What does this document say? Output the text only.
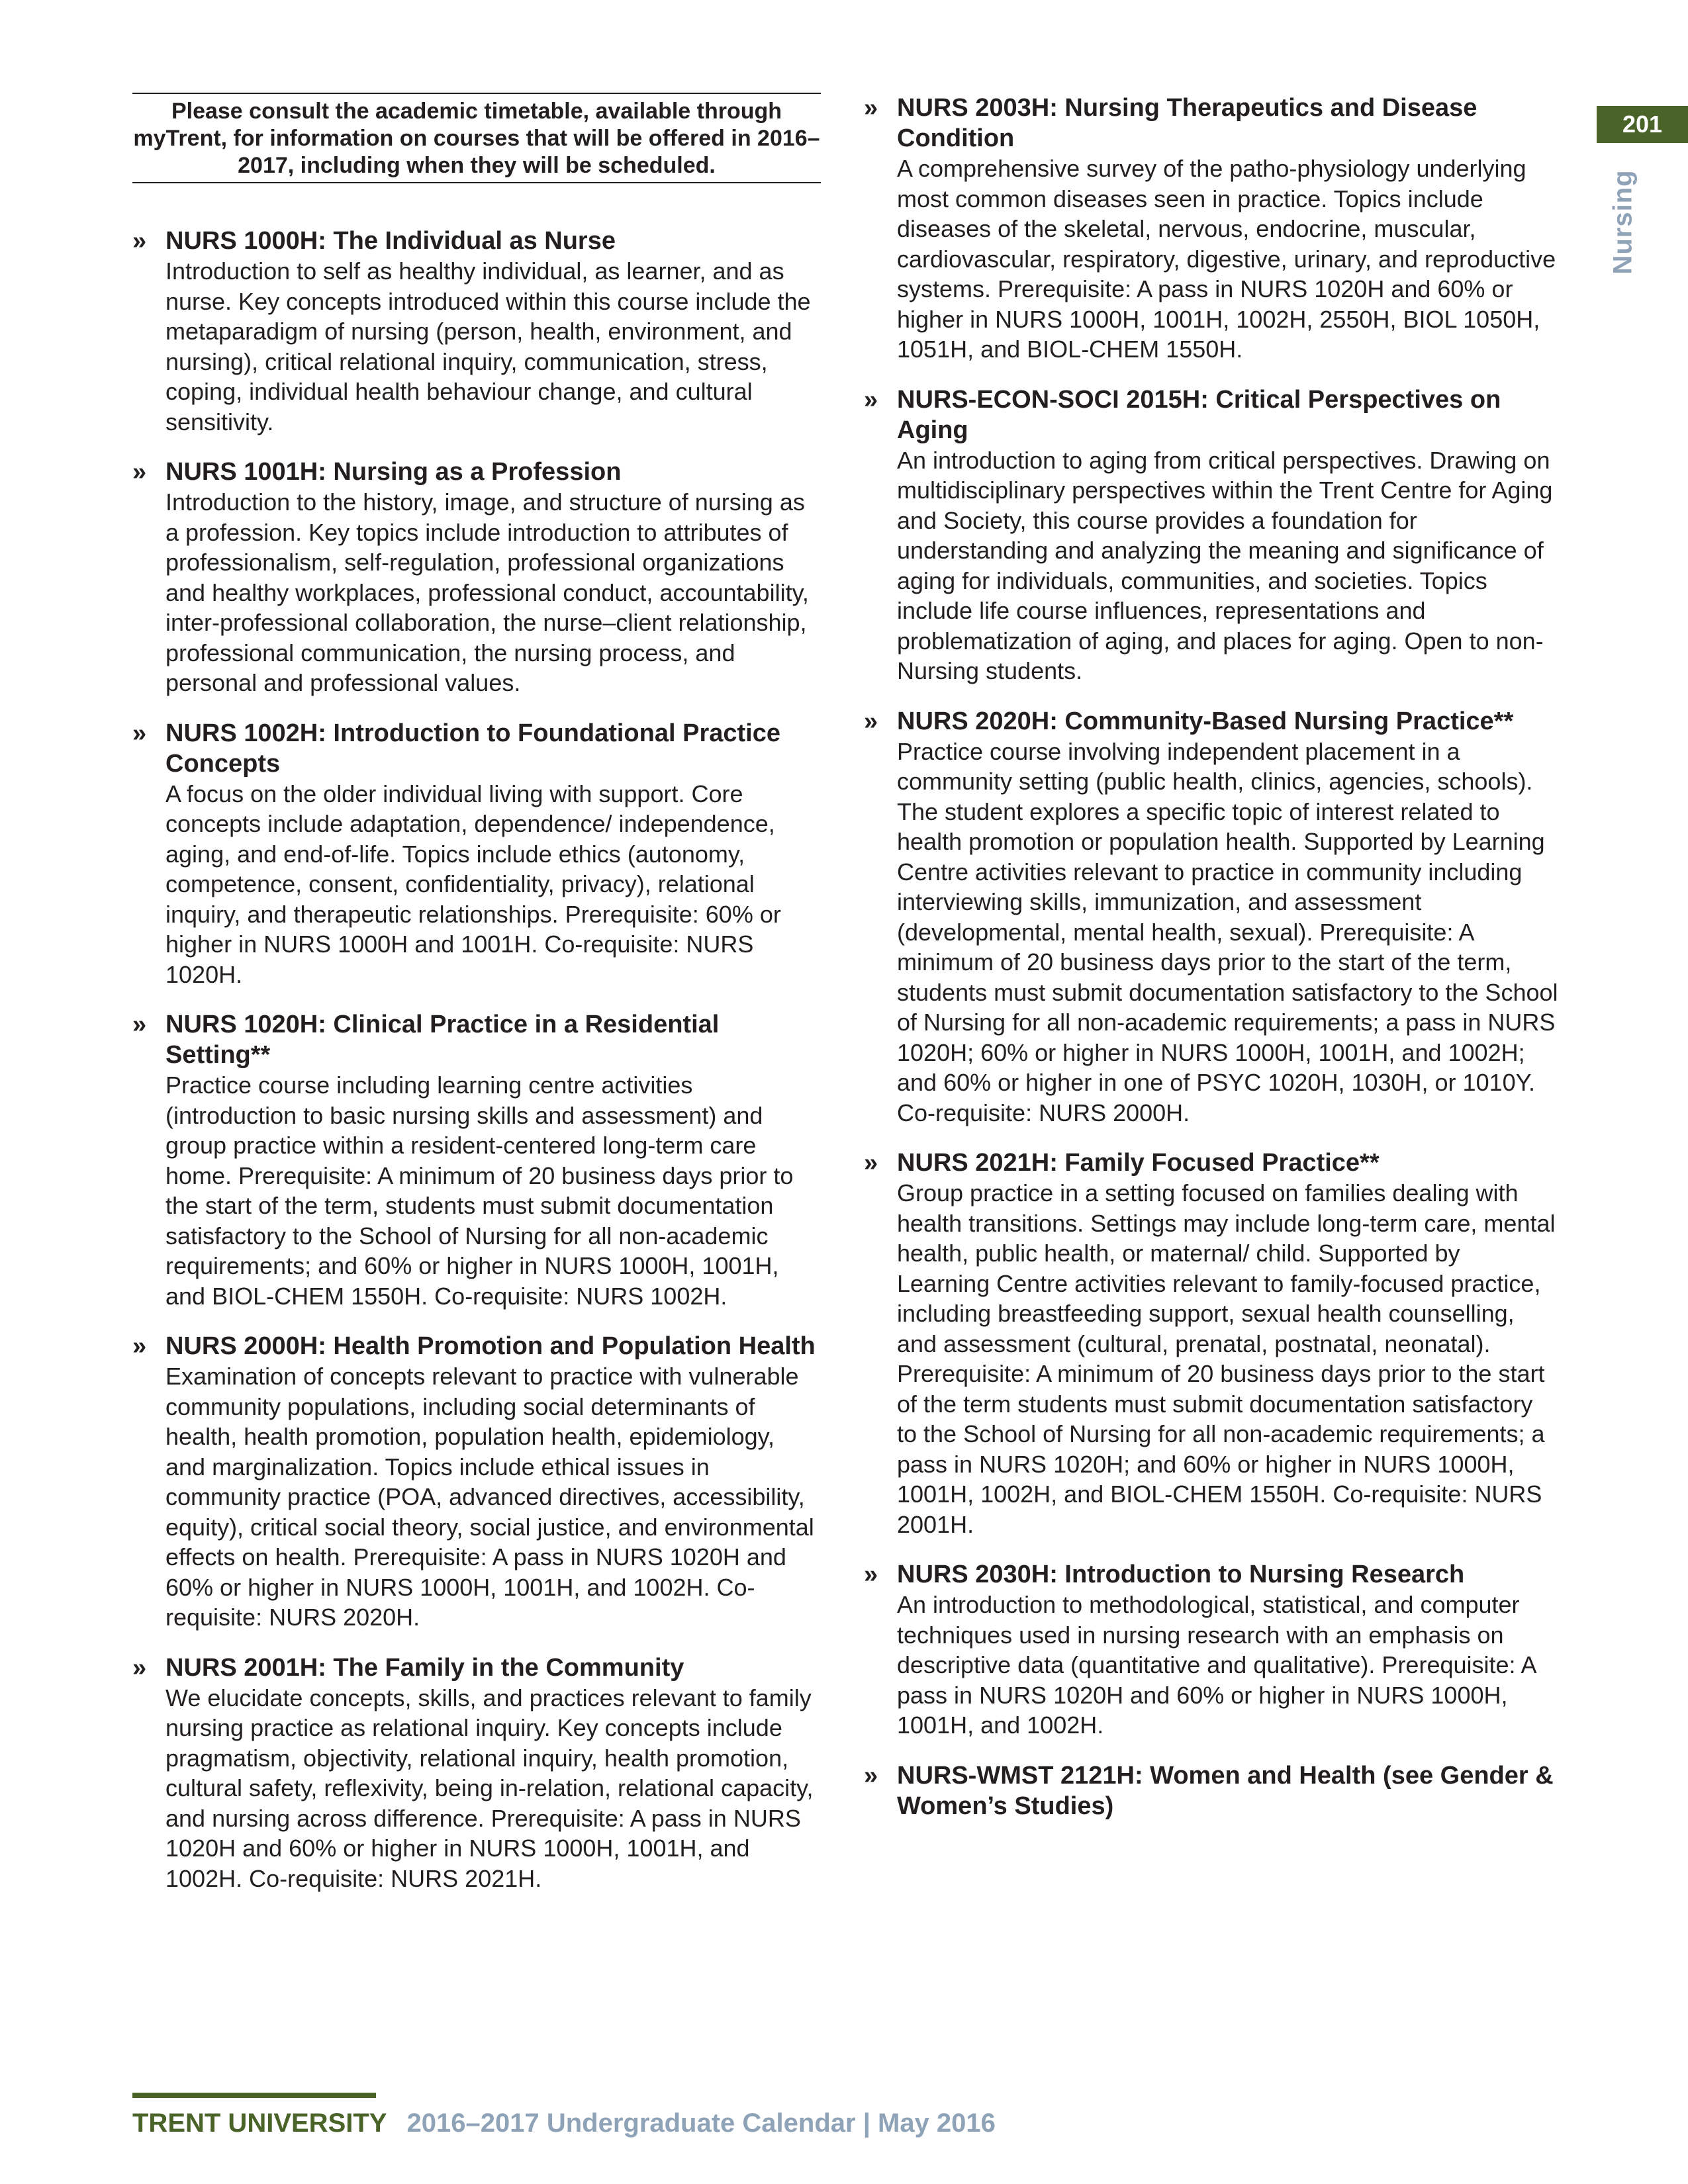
Please consult the academic timetable, available through myTrent, for information on courses that will be offered in 2016–2017, including when they will be scheduled.
» NURS 1000H: The Individual as Nurse
Introduction to self as healthy individual, as learner, and as nurse. Key concepts introduced within this course include the metaparadigm of nursing (person, health, environment, and nursing), critical relational inquiry, communication, stress, coping, individual health behaviour change, and cultural sensitivity.
» NURS 1001H: Nursing as a Profession
Introduction to the history, image, and structure of nursing as a profession. Key topics include introduction to attributes of professionalism, self-regulation, professional organizations and healthy workplaces, professional conduct, accountability, inter-professional collaboration, the nurse–client relationship, professional communication, the nursing process, and personal and professional values.
» NURS 1002H: Introduction to Foundational Practice Concepts
A focus on the older individual living with support. Core concepts include adaptation, dependence/ independence, aging, and end-of-life. Topics include ethics (autonomy, competence, consent, confidentiality, privacy), relational inquiry, and therapeutic relationships. Prerequisite: 60% or higher in NURS 1000H and 1001H. Co-requisite: NURS 1020H.
» NURS 1020H: Clinical Practice in a Residential Setting**
Practice course including learning centre activities (introduction to basic nursing skills and assessment) and group practice within a resident-centered long-term care home. Prerequisite: A minimum of 20 business days prior to the start of the term, students must submit documentation satisfactory to the School of Nursing for all non-academic requirements; and 60% or higher in NURS 1000H, 1001H, and BIOL-CHEM 1550H. Co-requisite: NURS 1002H.
» NURS 2000H: Health Promotion and Population Health
Examination of concepts relevant to practice with vulnerable community populations, including social determinants of health, health promotion, population health, epidemiology, and marginalization. Topics include ethical issues in community practice (POA, advanced directives, accessibility, equity), critical social theory, social justice, and environmental effects on health. Prerequisite: A pass in NURS 1020H and 60% or higher in NURS 1000H, 1001H, and 1002H. Co-requisite: NURS 2020H.
» NURS 2001H: The Family in the Community
We elucidate concepts, skills, and practices relevant to family nursing practice as relational inquiry. Key concepts include pragmatism, objectivity, relational inquiry, health promotion, cultural safety, reflexivity, being in-relation, relational capacity, and nursing across difference. Prerequisite: A pass in NURS 1020H and 60% or higher in NURS 1000H, 1001H, and 1002H. Co-requisite: NURS 2021H.
» NURS 2003H: Nursing Therapeutics and Disease Condition
A comprehensive survey of the patho-physiology underlying most common diseases seen in practice. Topics include diseases of the skeletal, nervous, endocrine, muscular, cardiovascular, respiratory, digestive, urinary, and reproductive systems. Prerequisite: A pass in NURS 1020H and 60% or higher in NURS 1000H, 1001H, 1002H, 2550H, BIOL 1050H, 1051H, and BIOL-CHEM 1550H.
» NURS-ECON-SOCI 2015H: Critical Perspectives on Aging
An introduction to aging from critical perspectives. Drawing on multidisciplinary perspectives within the Trent Centre for Aging and Society, this course provides a foundation for understanding and analyzing the meaning and significance of aging for individuals, communities, and societies. Topics include life course influences, representations and problematization of aging, and places for aging. Open to non-Nursing students.
» NURS 2020H: Community-Based Nursing Practice**
Practice course involving independent placement in a community setting (public health, clinics, agencies, schools). The student explores a specific topic of interest related to health promotion or population health. Supported by Learning Centre activities relevant to practice in community including interviewing skills, immunization, and assessment (developmental, mental health, sexual). Prerequisite: A minimum of 20 business days prior to the start of the term, students must submit documentation satisfactory to the School of Nursing for all non-academic requirements; a pass in NURS 1020H; 60% or higher in NURS 1000H, 1001H, and 1002H; and 60% or higher in one of PSYC 1020H, 1030H, or 1010Y. Co-requisite: NURS 2000H.
» NURS 2021H: Family Focused Practice**
Group practice in a setting focused on families dealing with health transitions. Settings may include long-term care, mental health, public health, or maternal/ child. Supported by Learning Centre activities relevant to family-focused practice, including breastfeeding support, sexual health counselling, and assessment (cultural, prenatal, postnatal, neonatal). Prerequisite: A minimum of 20 business days prior to the start of the term students must submit documentation satisfactory to the School of Nursing for all non-academic requirements; a pass in NURS 1020H; and 60% or higher in NURS 1000H, 1001H, 1002H, and BIOL-CHEM 1550H. Co-requisite: NURS 2001H.
» NURS 2030H: Introduction to Nursing Research
An introduction to methodological, statistical, and computer techniques used in nursing research with an emphasis on descriptive data (quantitative and qualitative). Prerequisite: A pass in NURS 1020H and 60% or higher in NURS 1000H, 1001H, and 1002H.
» NURS-WMST 2121H: Women and Health (see Gender & Women’s Studies)
201
Nursing
TRENT UNIVERSITY 2016–2017 Undergraduate Calendar | May 2016
